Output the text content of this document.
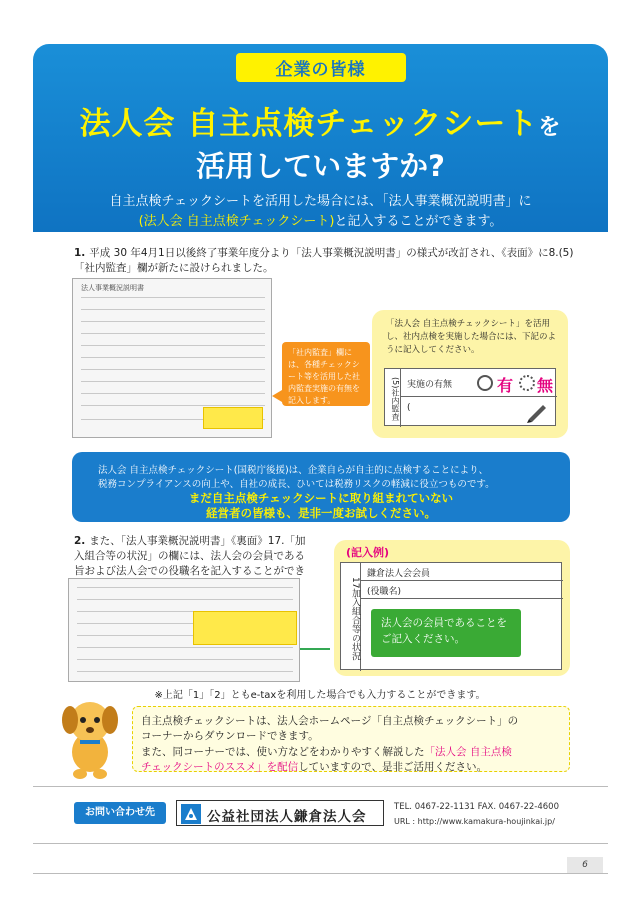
企業の皆様
法人会 自主点検チェックシートを
活用していますか?
自主点検チェックシートを活用した場合には、「法人事業概況説明書」に
(法人会 自主点検チェックシート)と記入することができます。
1. 平成 30 年4月1日以後終了事業年度分より「法人事業概況説明書」の様式が改訂され、《表面》に8.(5)「社内監査」欄が新たに設けられました。
法人事業概況説明書
「社内監査」欄には、各種チェックシート等を活用した社内監査実施の有無を記入します。
「法人会 自主点検チェックシート」を活用し、社内点検を実施した場合には、下記のように記入してください。
(5)社内監査 実施の有無	有 無
(
法人会 自主点検チェックシート(国税庁後援)は、企業自らが自主的に点検することにより、
税務コンプライアンスの向上や、自社の成長、ひいては税務リスクの軽減に役立つものです。
まだ自主点検チェックシートに取り組まれていない
経営者の皆様も、是非一度お試しください。
2. また、「法人事業概況説明書」《裏面》17.「加入組合等の状況」の欄には、法人会の会員である旨および法人会での役職名を記入することができ
(記入例)
17加入組合等の状況
鎌倉法人会会員
(役職名)
法人会の会員であることをご記入ください。
※上記「1」「2」ともe-taxを利用した場合でも入力することができます。
自主点検チェックシートは、法人会ホームページ「自主点検チェックシート」の
コーナーからダウンロードできます。
また、同コーナーでは、使い方などをわかりやすく解説した「法人会 自主点検
チェックシートのススメ」を配信していますので、是非ご活用ください。
お問い合わせ先	公益社団法人鎌倉法人会
TEL. 0467-22-1131 FAX. 0467-22-4600
URL : http://www.kamakura-houjinkai.jp/
6
